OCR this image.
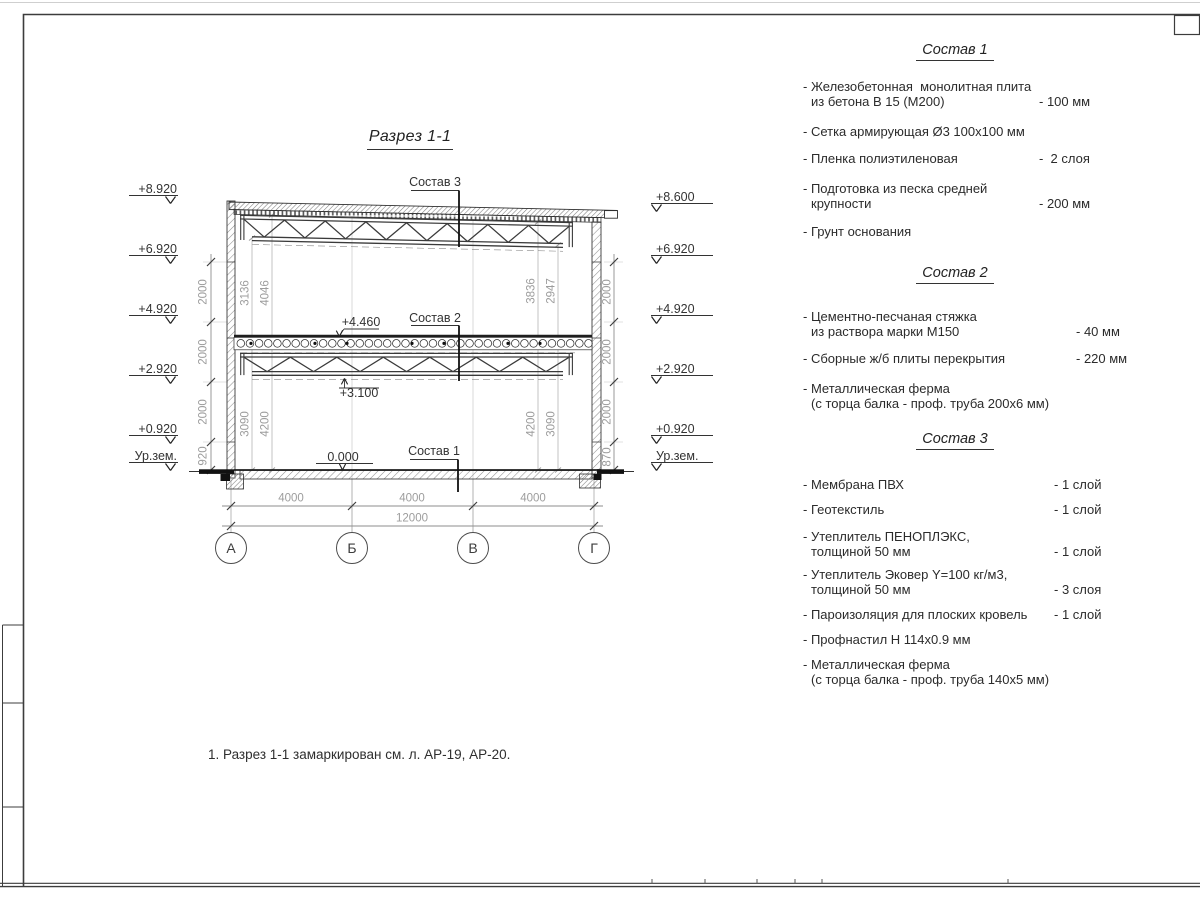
Разрез 1-1
1. Разрез 1-1 замаркирован см. л. АР-19, АР-20.
Состав 3
Состав 2
Состав 1
+4.460
+3.100
0.000
+8.920
+6.920
+4.920
+2.920
+0.920
Ур.зем.
+8.600
+6.920
+4.920
+2.920
+0.920
Ур.зем.
2000
2000
2000
920
2000
2000
2000
870
3136 4046
3090 4200
3836 2947
4200 3090
4000	4000	4000
12000
А	Б	В	Г
Состав 1
- Железобетонная  монолитная плита
из бетона В 15 (М200)	- 100 мм
- Сетка армирующая Ø3 100х100 мм
- Пленка полиэтиленовая	-  2 слоя
- Подготовка из песка средней
крупности	- 200 мм
- Грунт основания
Состав 2
- Цементно-песчаная стяжка
из раствора марки М150	- 40 мм
- Сборные ж/б плиты перекрытия	- 220 мм
- Металлическая ферма
(с торца балка - проф. труба 200х6 мм)
Состав 3
- Мембрана ПВХ	- 1 слой
- Геотекстиль	- 1 слой
- Утеплитель ПЕНОПЛЭКС,
толщиной 50 мм	- 1 слой
- Утеплитель Эковер Y=100 кг/м3,
толщиной 50 мм	- 3 слоя
- Пароизоляция для плоских кровель - 1 слой
- Профнастил Н 114х0.9 мм
- Металлическая ферма
(с торца балка - проф. труба 140х5 мм)
